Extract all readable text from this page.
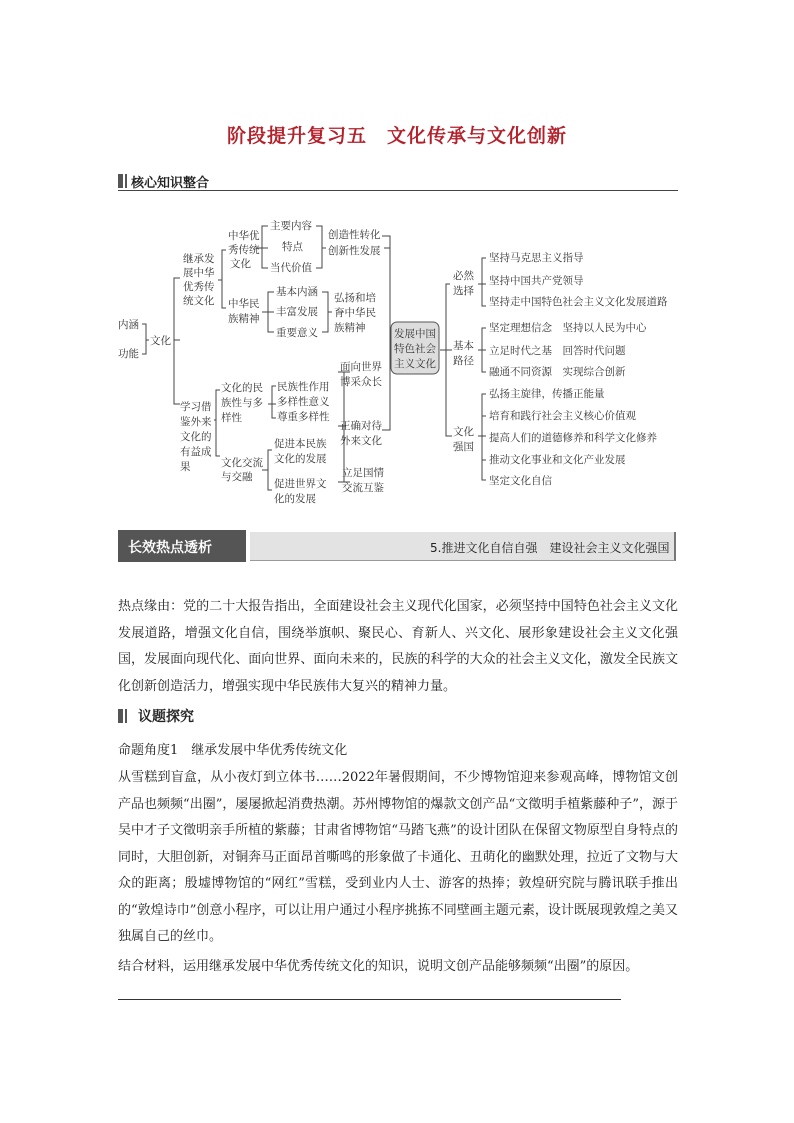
阶段提升复习五　文化传承与文化创新
核心知识整合
内涵
功能
文化
继承发
展中华
优秀传
统文化
中华优
秀传统
文化
主要内容
特点
当代价值
创造性转化
创新性发展
中华民
族精神
基本内涵
丰富发展
重要意义
弘扬和培
育中华民
族精神
学习借
鉴外来
文化的
有益成
果
文化的民
族性与多
样性
民族性作用
多样性意义
尊重多样性
文化交流
与交融
促进本民族
文化的发展
促进世界文
化的发展
面向世界
博采众长
正确对待
外来文化
立足国情
交流互鉴
发展中国
特色社会
主义文化
必然
选择
坚持马克思主义指导
坚持中国共产党领导
坚持走中国特色社会主义文化发展道路
基本
路径
坚定理想信念　坚持以人民为中心
立足时代之基　回答时代问题
融通不同资源　实现综合创新
文化
强国
弘扬主旋律，传播正能量
培育和践行社会主义核心价值观
提高人们的道德修养和科学文化修养
推动文化事业和文化产业发展
坚定文化自信
长效热点透析	5.推进文化自信自强　建设社会主义文化强国
热点缘由：党的二十大报告指出，全面建设社会主义现代化国家，必须坚持中国特色社会主义文化发展道路，增强文化自信，围绕举旗帜、聚民心、育新人、兴文化、展形象建设社会主义文化强国，发展面向现代化、面向世界、面向未来的，民族的科学的大众的社会主义文化，激发全民族文化创新创造活力，增强实现中华民族伟大复兴的精神力量。
议题探究
命题角度1　继承发展中华优秀传统文化
从雪糕到盲盒，从小夜灯到立体书……2022年暑假期间，不少博物馆迎来参观高峰，博物馆文创产品也频频“出圈”，屡屡掀起消费热潮。苏州博物馆的爆款文创产品“文徵明手植紫藤种子”，源于吴中才子文徵明亲手所植的紫藤；甘肃省博物馆“马踏飞燕”的设计团队在保留文物原型自身特点的同时，大胆创新，对铜奔马正面昂首嘶鸣的形象做了卡通化、丑萌化的幽默处理，拉近了文物与大众的距离；殷墟博物馆的“网红”雪糕，受到业内人士、游客的热捧；敦煌研究院与腾讯联手推出的“敦煌诗巾”创意小程序，可以让用户通过小程序挑拣不同壁画主题元素，设计既展现敦煌之美又独属自己的丝巾。
结合材料，运用继承发展中华优秀传统文化的知识，说明文创产品能够频频“出圈”的原因。
